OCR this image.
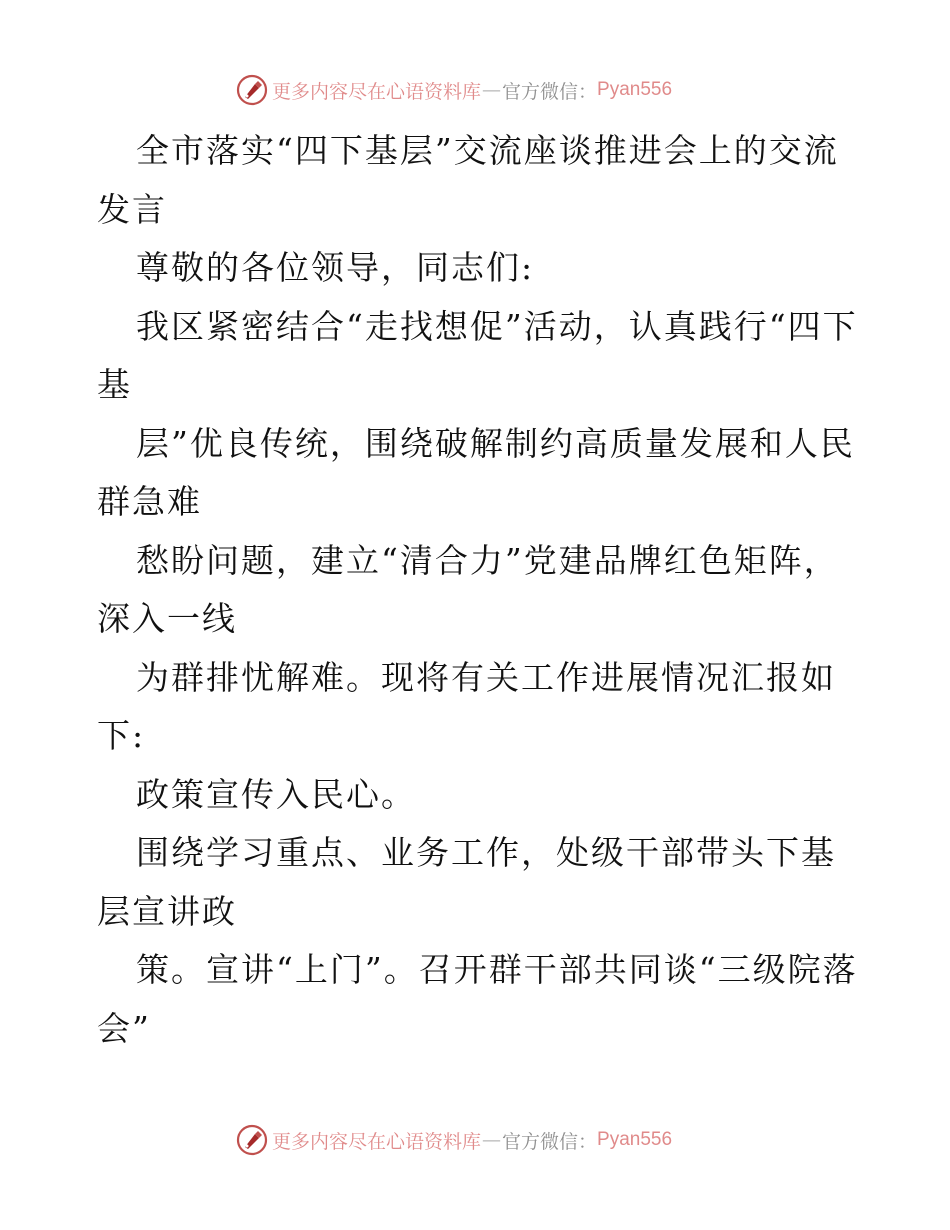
更多内容尽在心语资料库 — 官方微信： Pyan556

全市落实“四下基层”交流座谈推进会上的交流发言

尊敬的各位领导，同志们:

我区紧密结合“走找想促”活动，认真践行“四下基

层”优良传统，围绕破解制约高质量发展和人民群急难

愁盼问题，建立“清合力”党建品牌红色矩阵，深入一线

为群排忧解难。现将有关工作进展情况汇报如下:

政策宣传入民心。

围绕学习重点、业务工作，处级干部带头下基层宣讲政

策。宣讲“上门”。召开群干部共同谈“三级院落会”

更多内容尽在心语资料库 — 官方微信： Pyan556
